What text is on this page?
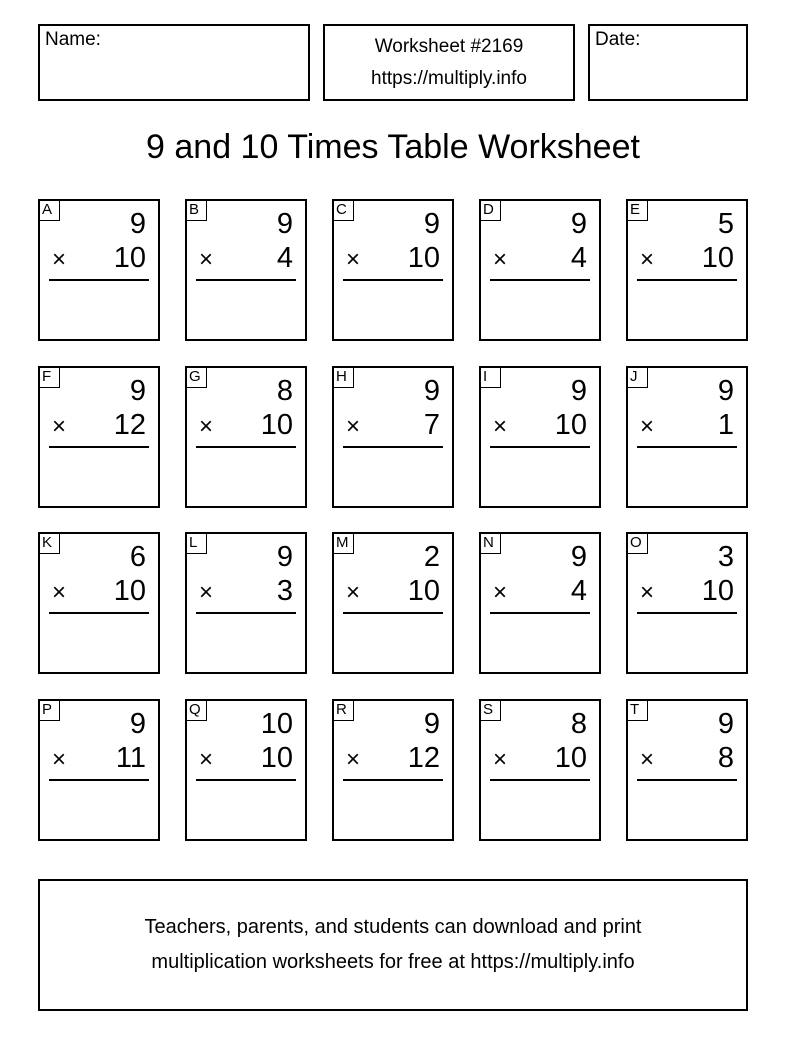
Name:	Worksheet #2169
https://multiply.info
Date:
9 and 10 Times Table Worksheet
A	9
× 10
B	9
× 4
C	9
× 10
D	9
× 4
E	5
× 10
F	9
× 12
G	8
× 10
H	9
× 7
I	9
× 10
J	9
× 1
K	6
× 10
L	9
× 3
M	2
× 10
N	9
× 4
O	3
× 10
P	9
× 11
Q 10
× 10
R	9
× 12
S	8
× 10
T	9
× 8
Teachers, parents, and students can download and print
multiplication worksheets for free at https://multiply.info
